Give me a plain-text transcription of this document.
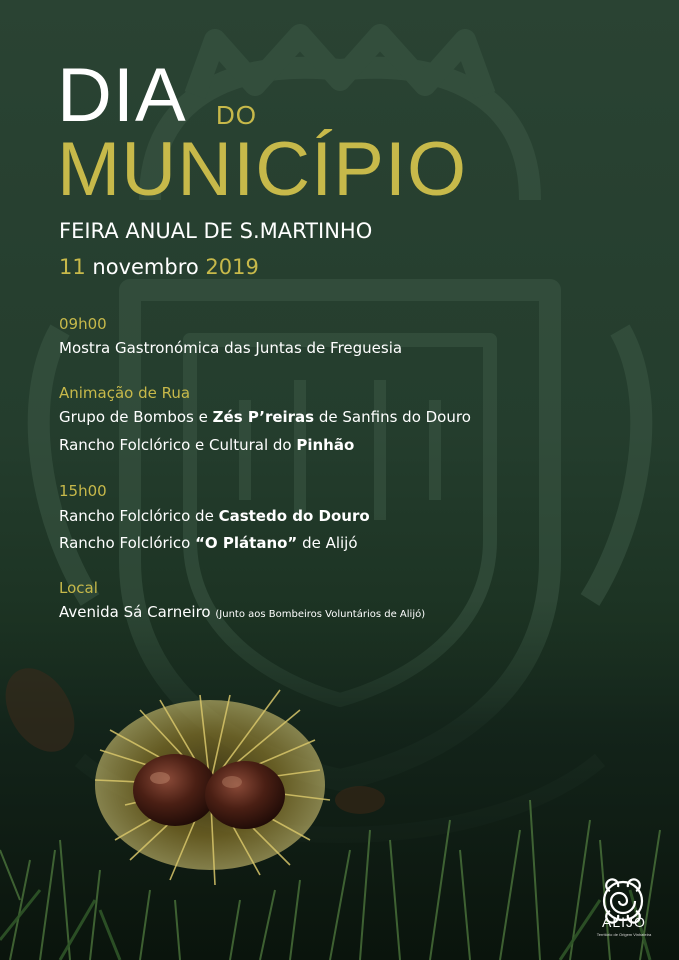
DIA DO
MUNICÍPIO
FEIRA ANUAL DE S.MARTINHO
11 novembro 2019
09h00
Mostra Gastronómica das Juntas de Freguesia
Animação de Rua
Grupo de Bombos e Zés P’reiras de Sanfins do Douro
Rancho Folclórico e Cultural do Pinhão
15h00
Rancho Folclórico de Castedo do Douro
Rancho Folclórico “O Plátano” de Alijó
Local
Avenida Sá Carneiro (Junto aos Bombeiros Voluntários de Alijó)
ALIJÓ
Território de Origem Vinhateira
